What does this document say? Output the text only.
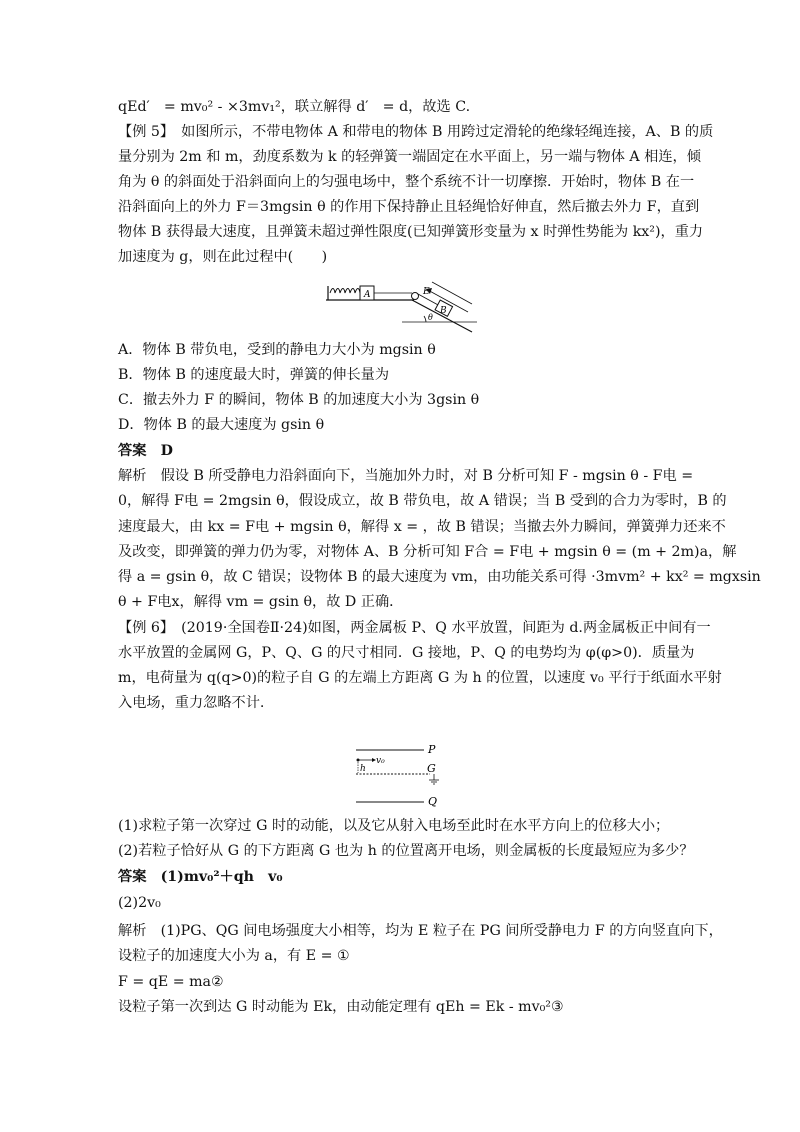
qEd′　= mv₀² - ×3mv₁²，联立解得 d′　= d，故选 C.
【例 5】　如图所示，不带电物体 A 和带电的物体 B 用跨过定滑轮的绝缘轻绳连接，A、B 的质
量分别为 2m 和 m，劲度系数为 k 的轻弹簧一端固定在水平面上，另一端与物体 A 相连，倾
角为 θ 的斜面处于沿斜面向上的匀强电场中，整个系统不计一切摩擦．开始时，物体 B 在一
沿斜面向上的外力 F＝3mgsin θ 的作用下保持静止且轻绳恰好伸直，然后撤去外力 F，直到
物体 B 获得最大速度，且弹簧未超过弹性限度(已知弹簧形变量为 x 时弹性势能为 kx²)，重力
加速度为 g，则在此过程中(　　)
A．物体 B 带负电，受到的静电力大小为 mgsin θ
B．物体 B 的速度最大时，弹簧的伸长量为
C．撤去外力 F 的瞬间，物体 B 的加速度大小为 3gsin θ
D．物体 B 的最大速度为 gsin θ
答案　D
解析　假设 B 所受静电力沿斜面向下，当施加外力时，对 B 分析可知 F - mgsin θ - F电 =
0，解得 F电 = 2mgsin θ，假设成立，故 B 带负电，故 A 错误；当 B 受到的合力为零时，B 的
速度最大，由 kx = F电 + mgsin θ，解得 x = ，故 B 错误；当撤去外力瞬间，弹簧弹力还来不
及改变，即弹簧的弹力仍为零，对物体 A、B 分析可知 F合 = F电 + mgsin θ = (m + 2m)a，解
得 a = gsin θ，故 C 错误；设物体 B 的最大速度为 vm，由功能关系可得 ·3mvm² + kx² = mgxsin
θ + F电x，解得 vm = gsin θ，故 D 正确．
【例 6】　(2019·全国卷Ⅱ·24)如图，两金属板 P、Q 水平放置，间距为 d.两金属板正中间有一
水平放置的金属网 G，P、Q、G 的尺寸相同．G 接地，P、Q 的电势均为 φ(φ>0)．质量为
m，电荷量为 q(q>0)的粒子自 G 的左端上方距离 G 为 h 的位置，以速度 v₀ 平行于纸面水平射
入电场，重力忽略不计.
(1)求粒子第一次穿过 G 时的动能，以及它从射入电场至此时在水平方向上的位移大小；
(2)若粒子恰好从 G 的下方距离 G 也为 h 的位置离开电场，则金属板的长度最短应为多少？
答案　(1)mv₀²＋qh　v₀
(2)2v₀
解析　(1)PG、QG 间电场强度大小相等，均为 E 粒子在 PG 间所受静电力 F 的方向竖直向下，
设粒子的加速度大小为 a，有 E = ①
F = qE = ma②
设粒子第一次到达 G 时动能为 Ek，由动能定理有 qEh = Ek - mv₀²③
A
B
E
θ
P
G
Q
v₀
h
